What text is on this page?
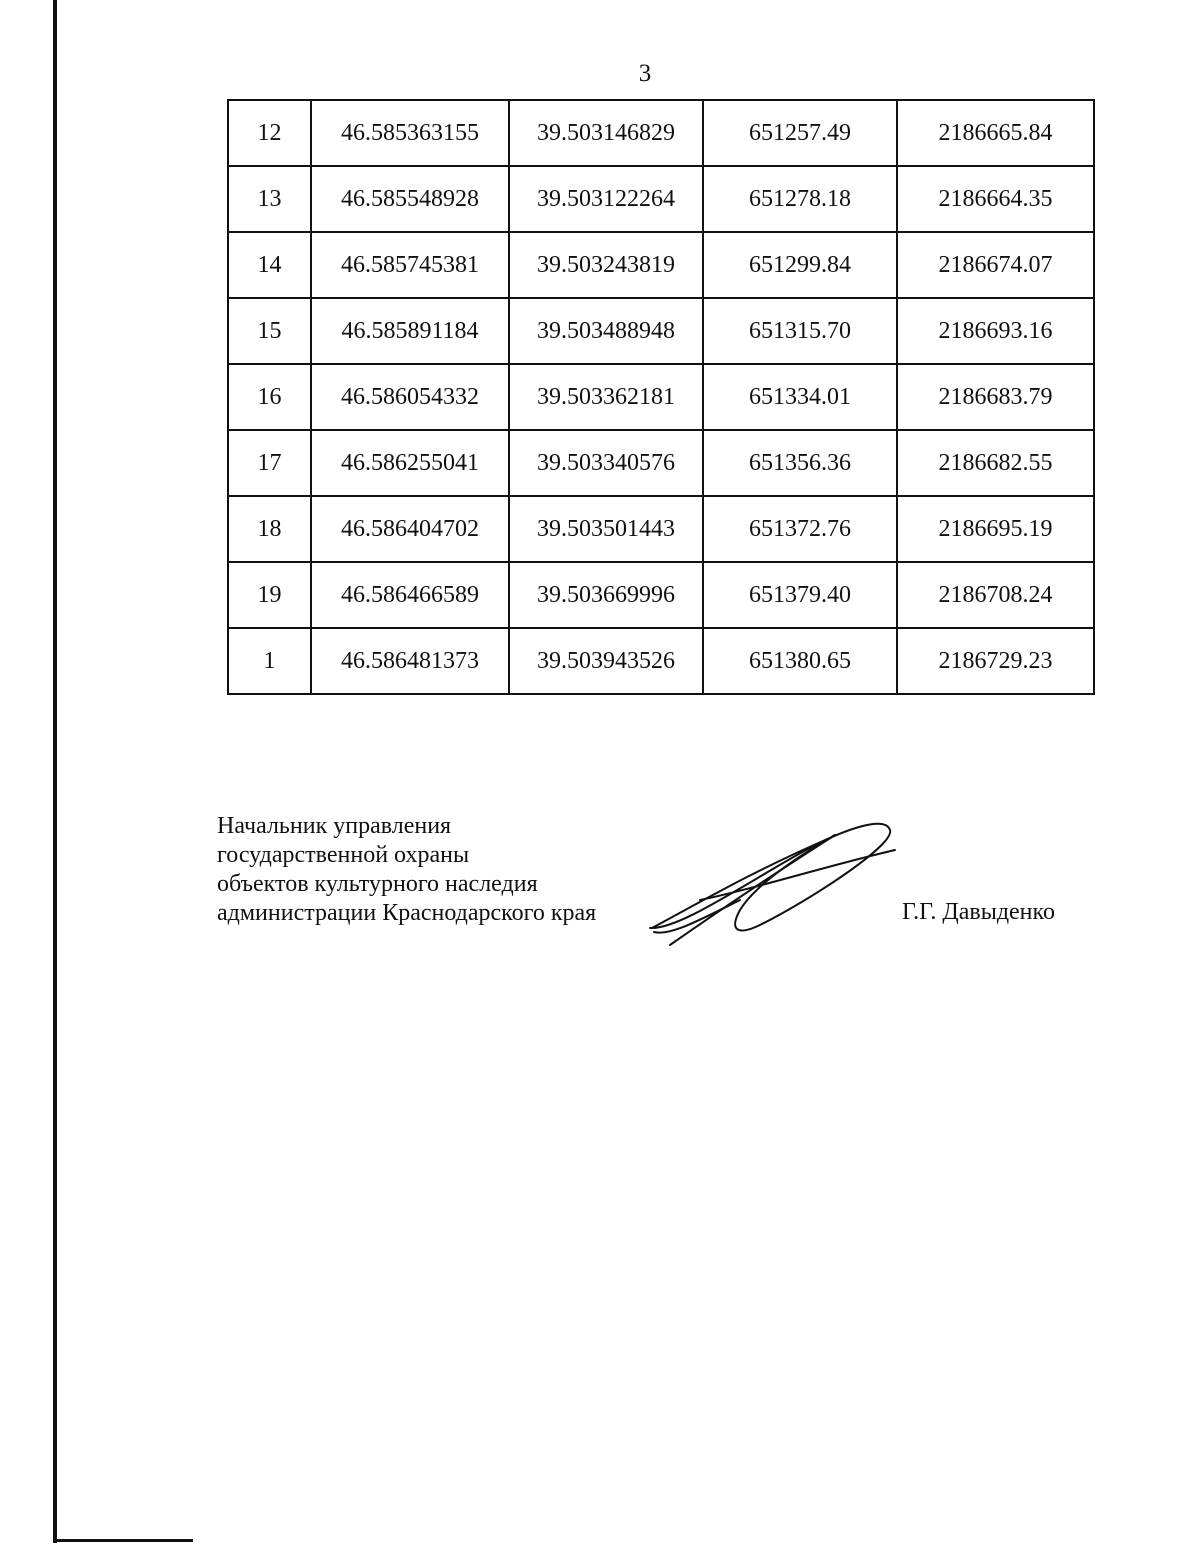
3
12	46.585363155	39.503146829	651257.49	2186665.84
13	46.585548928	39.503122264	651278.18	2186664.35
14	46.585745381	39.503243819	651299.84	2186674.07
15	46.585891184	39.503488948	651315.70	2186693.16
16	46.586054332	39.503362181	651334.01	2186683.79
17	46.586255041	39.503340576	651356.36	2186682.55
18	46.586404702	39.503501443	651372.76	2186695.19
19	46.586466589	39.503669996	651379.40	2186708.24
1	46.586481373	39.503943526	651380.65	2186729.23
Начальник управления
государственной охраны
объектов культурного наследия
администрации Краснодарского края	Г.Г. Давыденко
